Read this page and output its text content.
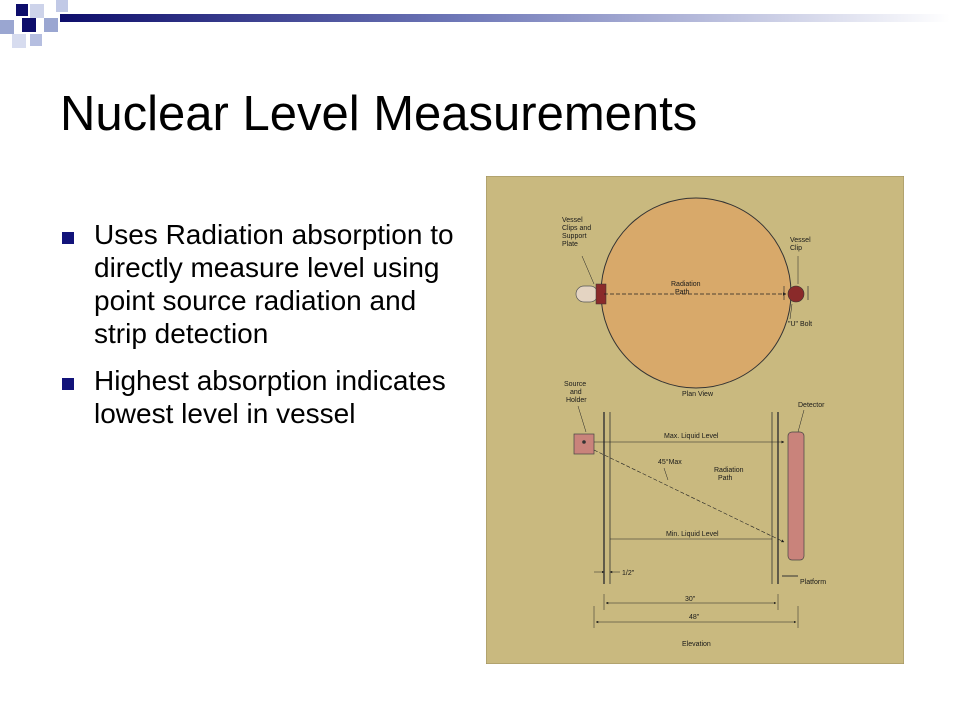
Nuclear Level Measurements
Uses Radiation absorption to directly measure level using point source radiation and strip detection
Highest absorption indicates lowest level in vessel
Vessel Clips and Support Plate
Vessel Clip
Radiation Path
"U" Bolt
Plan View
Source and Holder
Detector
Max. Liquid Level
45°Max
Radiation Path
Min. Liquid Level
1/2"
Platform
30"
48"
Elevation
